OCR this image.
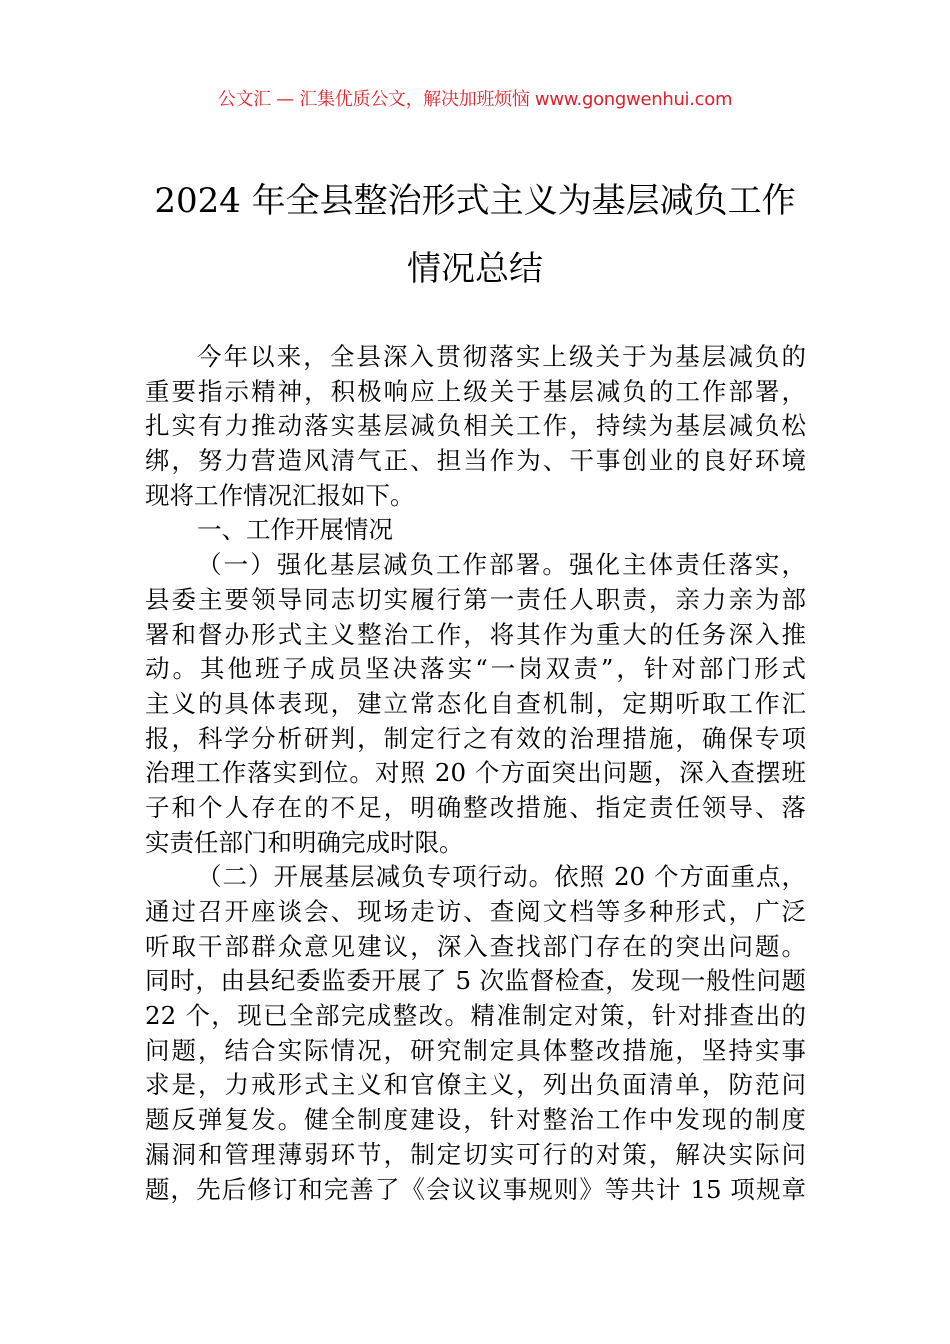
公文汇 — 汇集优质公文，解决加班烦恼 www.gongwenhui.com
2024 年全县整治形式主义为基层减负工作
情况总结
今年以来，全县深入贯彻落实上级关于为基层减负的
重要指示精神，积极响应上级关于基层减负的工作部署，
扎实有力推动落实基层减负相关工作，持续为基层减负松
绑，努力营造风清气正、担当作为、干事创业的良好环境
现将工作情况汇报如下。
一、工作开展情况
（一）强化基层减负工作部署。强化主体责任落实，
县委主要领导同志切实履行第一责任人职责，亲力亲为部
署和督办形式主义整治工作，将其作为重大的任务深入推
动。其他班子成员坚决落实“一岗双责”，针对部门形式
主义的具体表现，建立常态化自查机制，定期听取工作汇
报，科学分析研判，制定行之有效的治理措施，确保专项
治理工作落实到位。对照 20 个方面突出问题，深入查摆班
子和个人存在的不足，明确整改措施、指定责任领导、落
实责任部门和明确完成时限。
（二）开展基层减负专项行动。依照 20 个方面重点，
通过召开座谈会、现场走访、查阅文档等多种形式，广泛
听取干部群众意见建议，深入查找部门存在的突出问题。
同时，由县纪委监委开展了 5 次监督检查，发现一般性问题
22 个，现已全部完成整改。精准制定对策，针对排查出的
问题，结合实际情况，研究制定具体整改措施，坚持实事
求是，力戒形式主义和官僚主义，列出负面清单，防范问
题反弹复发。健全制度建设，针对整治工作中发现的制度
漏洞和管理薄弱环节，制定切实可行的对策，解决实际问
题，先后修订和完善了《会议议事规则》等共计 15 项规章
